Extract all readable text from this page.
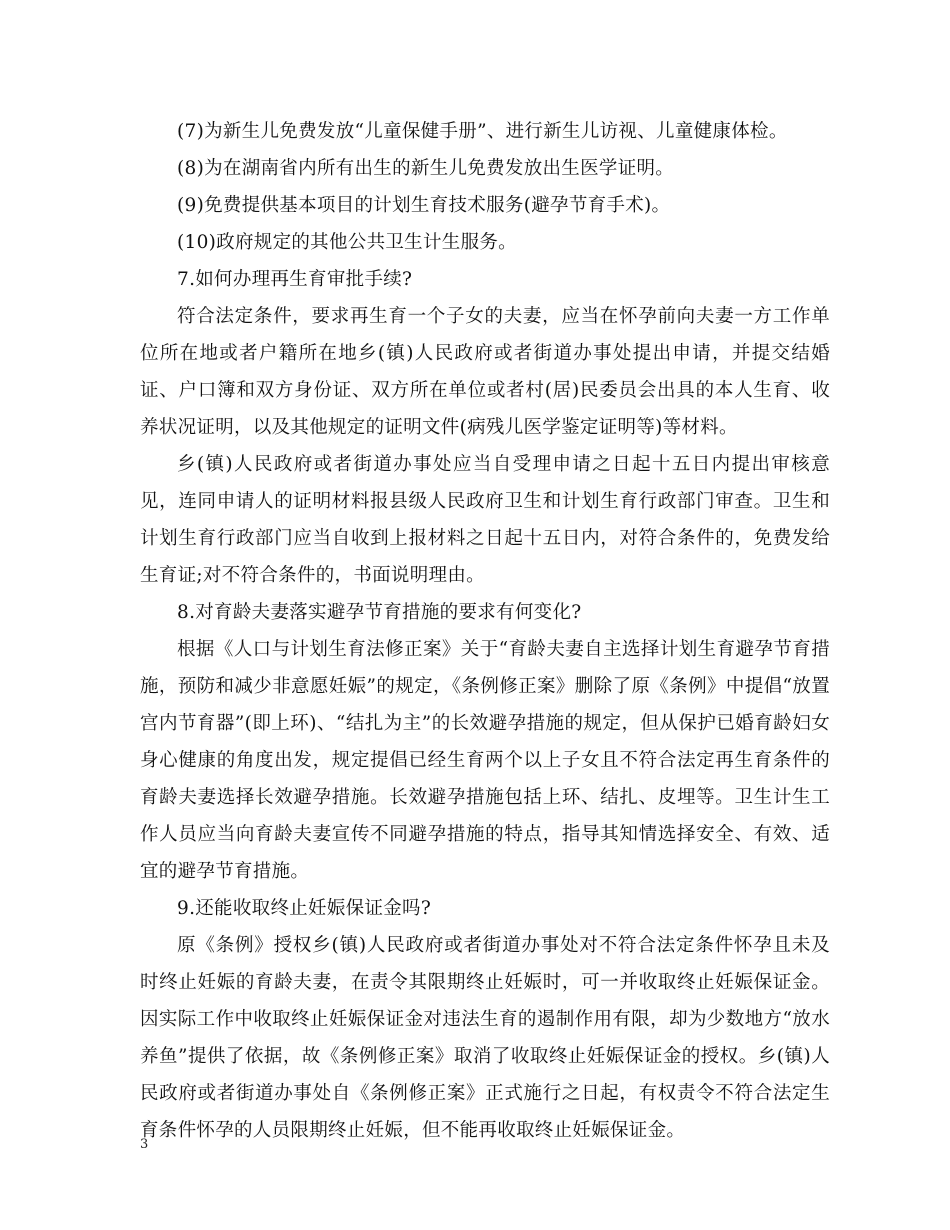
(7)为新生儿免费发放“儿童保健手册”、进行新生儿访视、儿童健康体检。

(8)为在湖南省内所有出生的新生儿免费发放出生医学证明。

(9)免费提供基本项目的计划生育技术服务(避孕节育手术)。

(10)政府规定的其他公共卫生计生服务。

7.如何办理再生育审批手续?

符合法定条件，要求再生育一个子女的夫妻，应当在怀孕前向夫妻一方工作单位所在地或者户籍所在地乡(镇)人民政府或者街道办事处提出申请，并提交结婚证、户口簿和双方身份证、双方所在单位或者村(居)民委员会出具的本人生育、收养状况证明，以及其他规定的证明文件(病残儿医学鉴定证明等)等材料。

乡(镇)人民政府或者街道办事处应当自受理申请之日起十五日内提出审核意见，连同申请人的证明材料报县级人民政府卫生和计划生育行政部门审查。卫生和计划生育行政部门应当自收到上报材料之日起十五日内，对符合条件的，免费发给生育证;对不符合条件的，书面说明理由。

8.对育龄夫妻落实避孕节育措施的要求有何变化?

根据《人口与计划生育法修正案》关于“育龄夫妻自主选择计划生育避孕节育措施，预防和减少非意愿妊娠”的规定，《条例修正案》删除了原《条例》中提倡“放置宫内节育器”(即上环)、“结扎为主”的长效避孕措施的规定，但从保护已婚育龄妇女身心健康的角度出发，规定提倡已经生育两个以上子女且不符合法定再生育条件的育龄夫妻选择长效避孕措施。长效避孕措施包括上环、结扎、皮埋等。卫生计生工作人员应当向育龄夫妻宣传不同避孕措施的特点，指导其知情选择安全、有效、适宜的避孕节育措施。

9.还能收取终止妊娠保证金吗?

原《条例》授权乡(镇)人民政府或者街道办事处对不符合法定条件怀孕且未及时终止妊娠的育龄夫妻，在责令其限期终止妊娠时，可一并收取终止妊娠保证金。因实际工作中收取终止妊娠保证金对违法生育的遏制作用有限，却为少数地方“放水养鱼”提供了依据，故《条例修正案》取消了收取终止妊娠保证金的授权。乡(镇)人民政府或者街道办事处自《条例修正案》正式施行之日起，有权责令不符合法定生育条件怀孕的人员限期终止妊娠，但不能再收取终止妊娠保证金。

3
